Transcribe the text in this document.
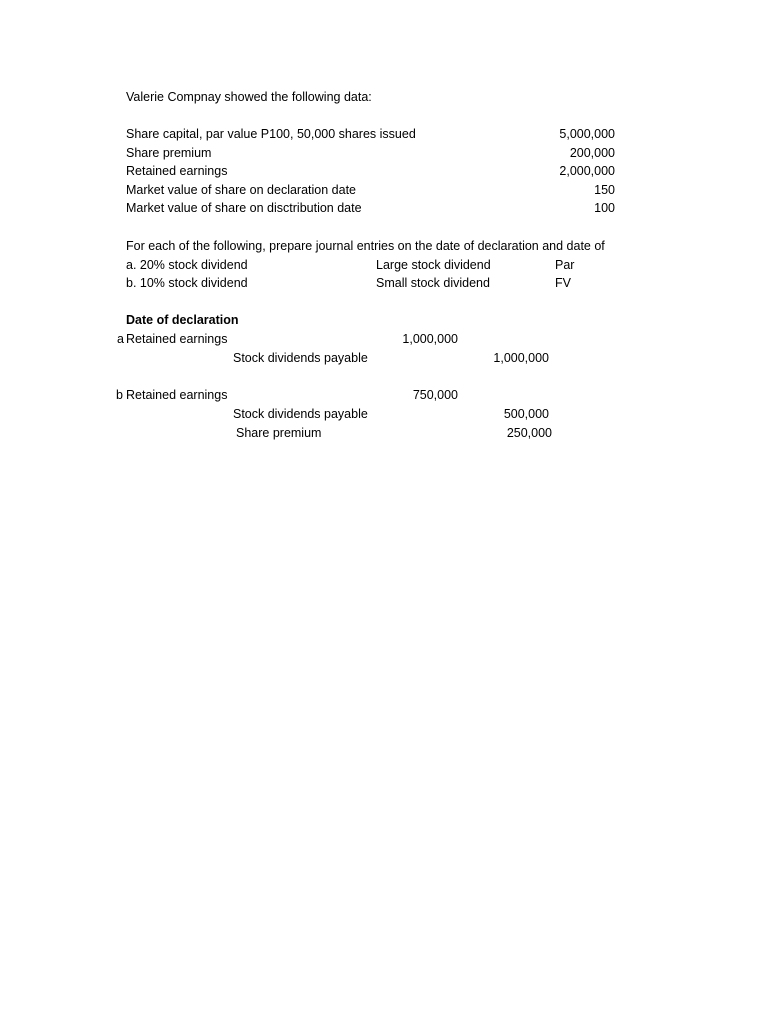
Valerie Compnay showed the following data:
Share capital, par value P100, 50,000 shares issued	5,000,000
Share premium	200,000
Retained earnings	2,000,000
Market value of share on declaration date	150
Market value of share on disctribution date	100
For each of the following, prepare journal entries on the date of declaration and date of
a. 20% stock dividend	Large stock dividend	Par
b. 10% stock dividend	Small stock dividend	FV
Date of declaration
a Retained earnings	1,000,000
Stock dividends payable	1,000,000
b Retained earnings	750,000
Stock dividends payable	500,000
Share premium	250,000
